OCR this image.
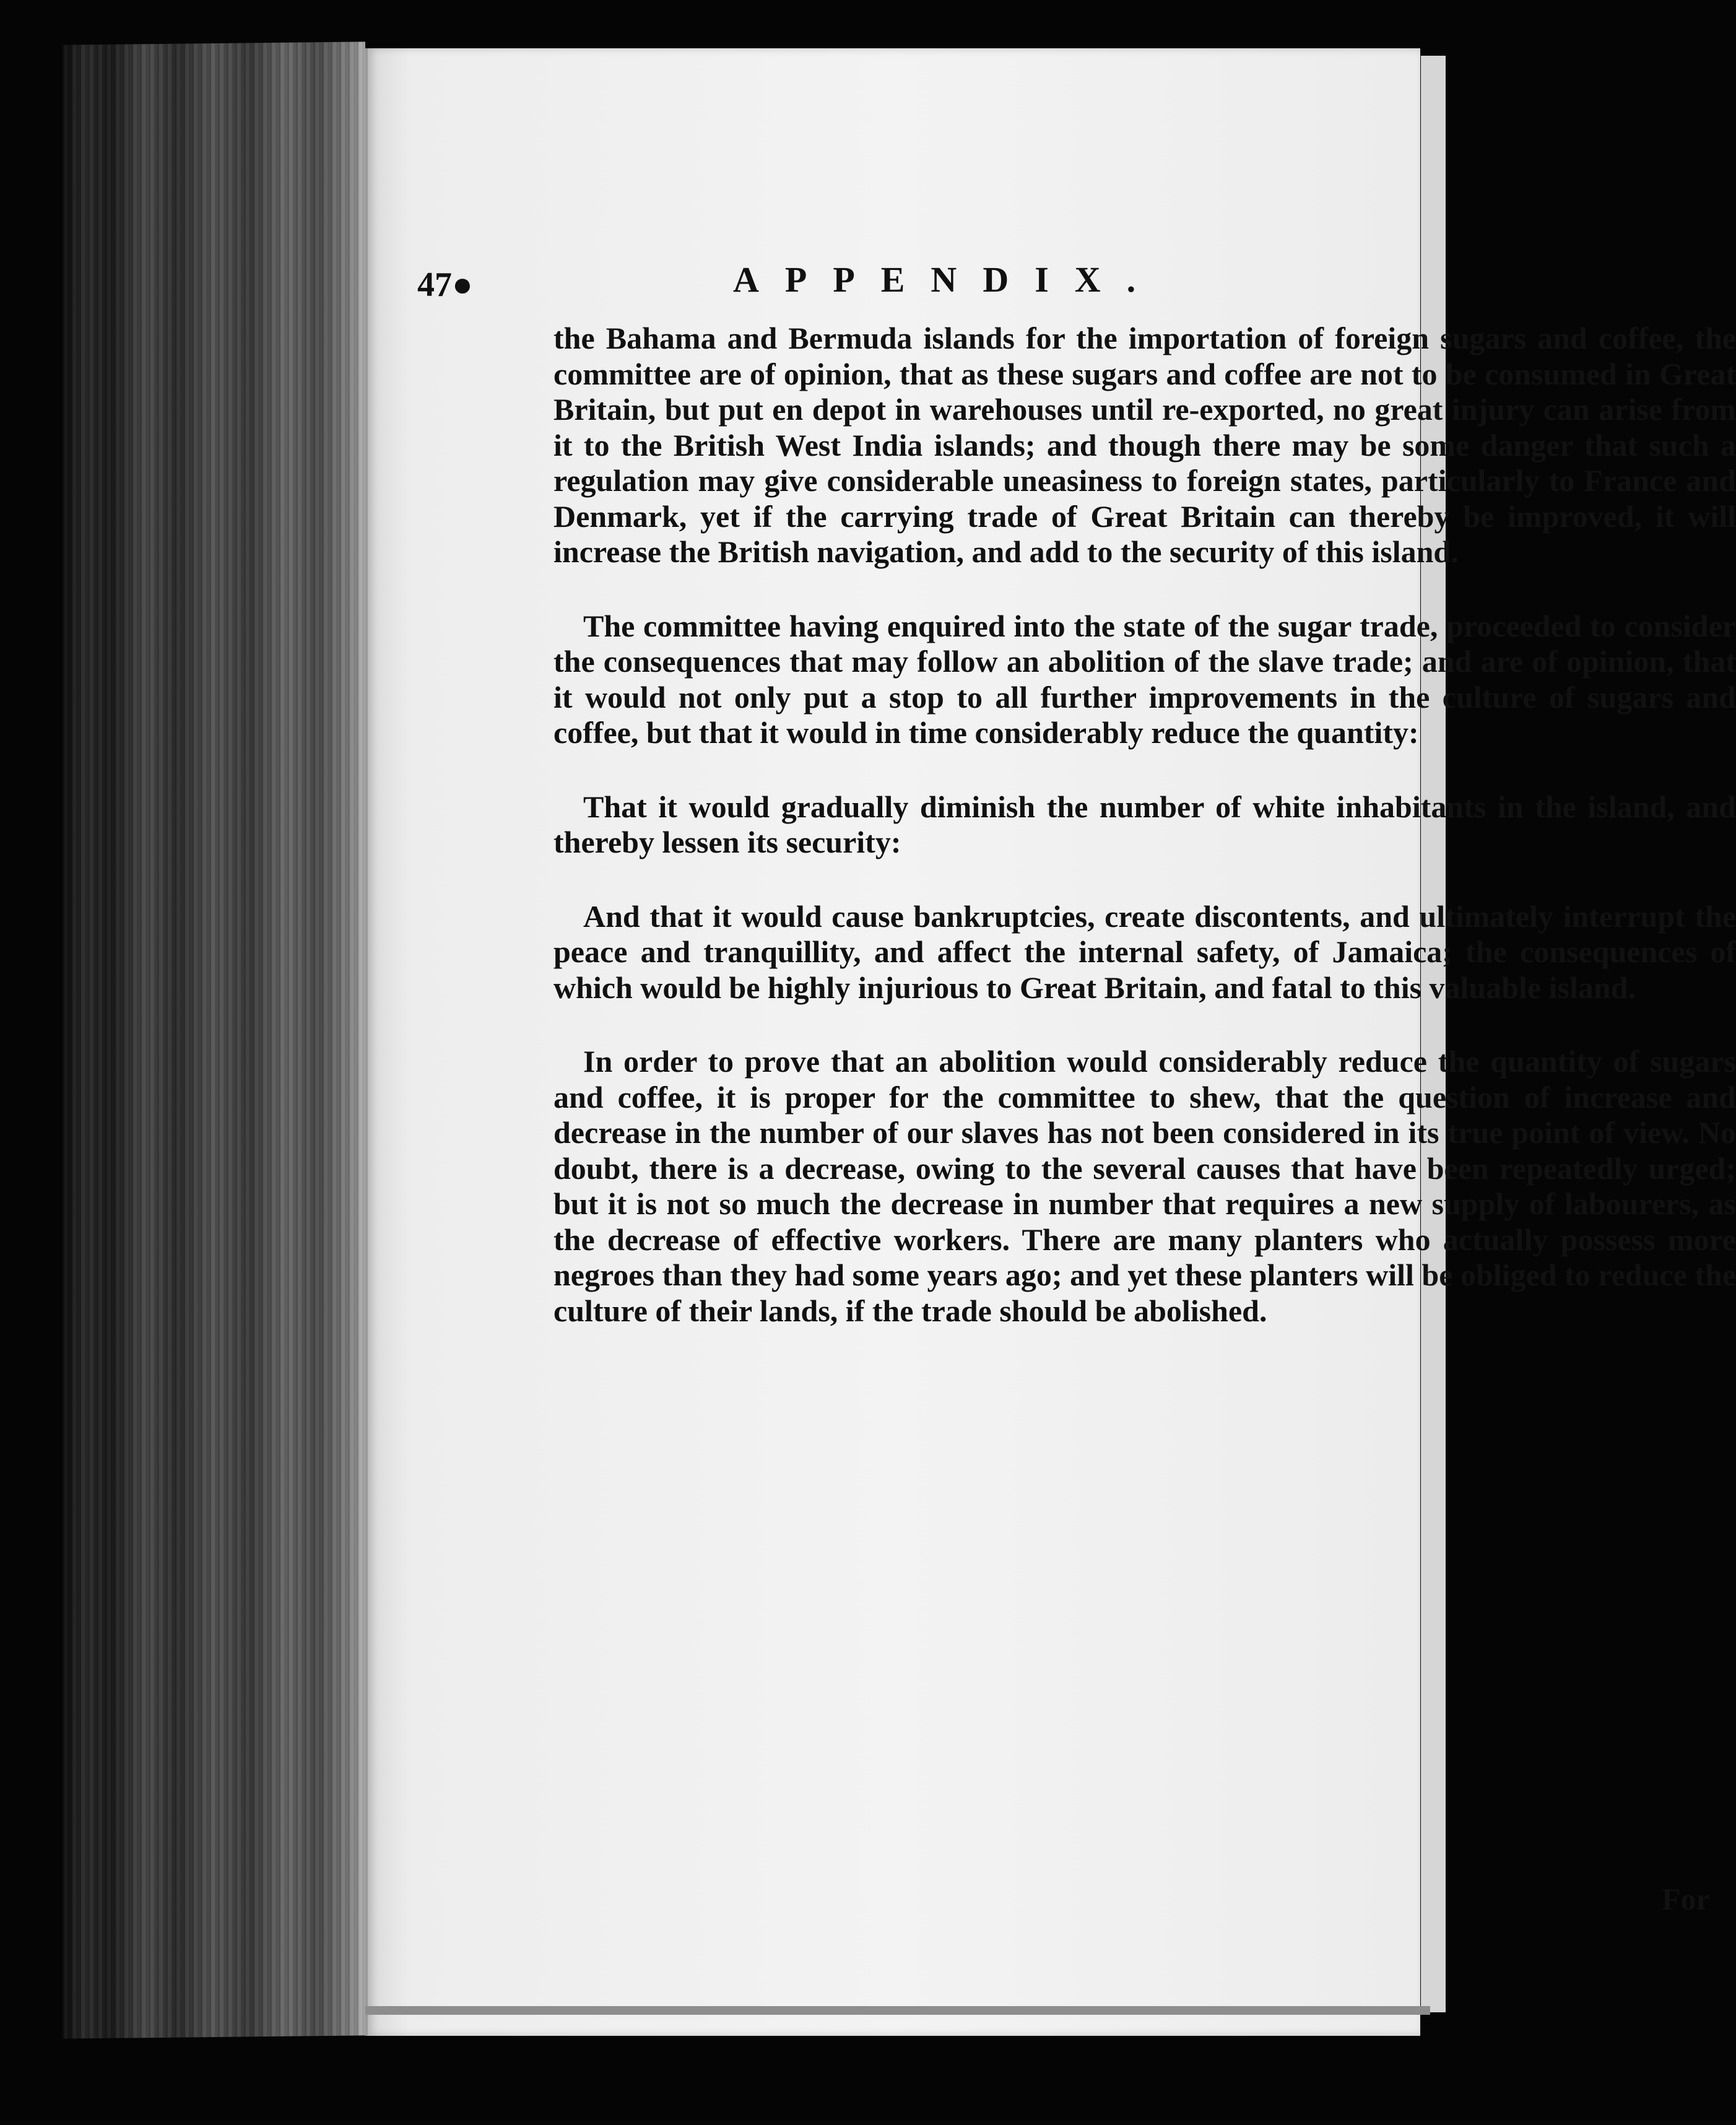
47●	APPENDIX.

the Bahama and Bermuda islands for the importation of foreign sugars and coffee, the committee are of opinion, that as these sugars and coffee are not to be consumed in Great Britain, but put en depot in warehouses until re-exported, no great injury can arise from it to the British West India islands; and though there may be some danger that such a regulation may give considerable uneasiness to foreign states, particularly to France and Denmark, yet if the carrying trade of Great Britain can thereby be improved, it will increase the British navigation, and add to the security of this island.

The committee having enquired into the state of the sugar trade, proceeded to consider the consequences that may follow an abolition of the slave trade; and are of opinion, that it would not only put a stop to all further improvements in the culture of sugars and coffee, but that it would in time considerably reduce the quantity:

That it would gradually diminish the number of white inhabitants in the island, and thereby lessen its security:

And that it would cause bankruptcies, create discontents, and ultimately interrupt the peace and tranquillity, and affect the internal safety, of Jamaica; the consequences of which would be highly injurious to Great Britain, and fatal to this valuable island.

In order to prove that an abolition would considerably reduce the quantity of sugars and coffee, it is proper for the committee to shew, that the question of increase and decrease in the number of our slaves has not been considered in its true point of view. No doubt, there is a decrease, owing to the several causes that have been repeatedly urged; but it is not so much the decrease in number that requires a new supply of labourers, as the decrease of effective workers. There are many planters who actually possess more negroes than they had some years ago; and yet these planters will be obliged to reduce the culture of their lands, if the trade should be abolished.

For
